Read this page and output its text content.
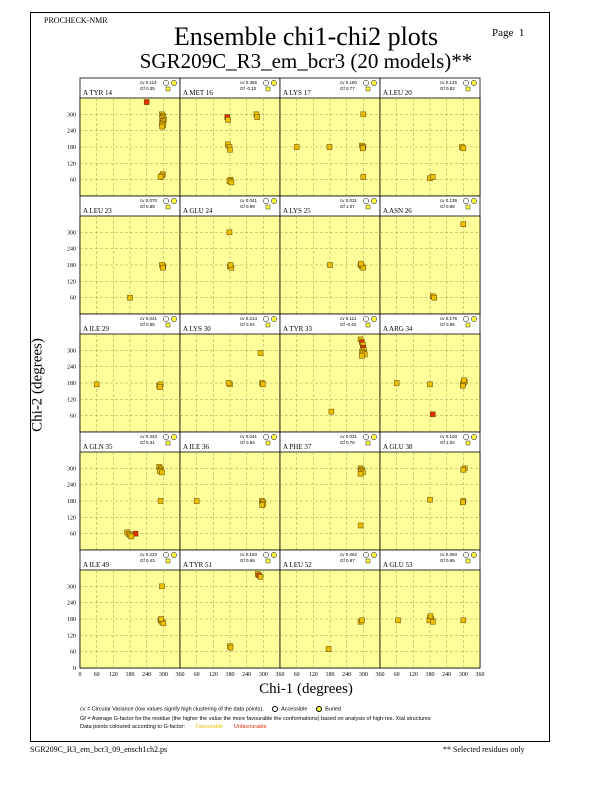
PROCHECK-NMR
Page 1
Ensemble chi1-chi2 plots
SGR209C_R3_em_bcr3 (20 models)**
A TYR 14
cv 0.114
Gf 0.35
60
120
180
240
300
A MET 16
cv 0.355
Gf -0.10
A LYS 17
cv 0.180
Gf 0.77
A LEU 20
cv 0.125
Gf 0.82
A LEU 23
cv 0.070
Gf 0.88
60
120
180
240
300
A GLU 24
cv 0.041
Gf 0.99
A LYS 25
cv 0.031
Gf 1.07
A ASN 26
cv 0.139
Gf 0.98
A ILE 29
cv 0.041
Gf 0.85
60
120
180
240
300
A LYS 30
cv 0.214
Gf 0.04
A TYR 33
cv 0.111
Gf -0.42
A ARG 34
cv 0.176
Gf 0.86
A GLN 35
cv 0.343
Gf 0.31
60
120
180
240
300
A ILE 36
cv 0.041
Gf 0.84
A PHE 37
cv 0.031
Gf 0.76
A GLU 38
cv 0.103
Gf 1.02
A ILE 49
cv 0.233
Gf 0.43
60
120
180
240
300
A TYR 51
cv 0.183
Gf 0.65
A LEU 52
cv 0.062
Gf 0.87
A GLU 53
cv 0.093
Gf 0.65
0 60 120 180 240 300 360 60 120 180 240 300 360 60 120 180 240 300 360 60 120 180 240 300 360
0
Chi-2 (degrees)
Chi-1 (degrees)
cv = Circular Variance (low values signify high clustering of the data points).	Accessible	Buried
Gf = Average G-factor for the residue (the higher the value the more favourable the conformations) based on analysis of high-res. Xtal structures
Data points coloured according to G-factor: Favourable Unfavourable
SGR209C_R3_em_bcr3_09_ensch1ch2.ps	** Selected residues only
